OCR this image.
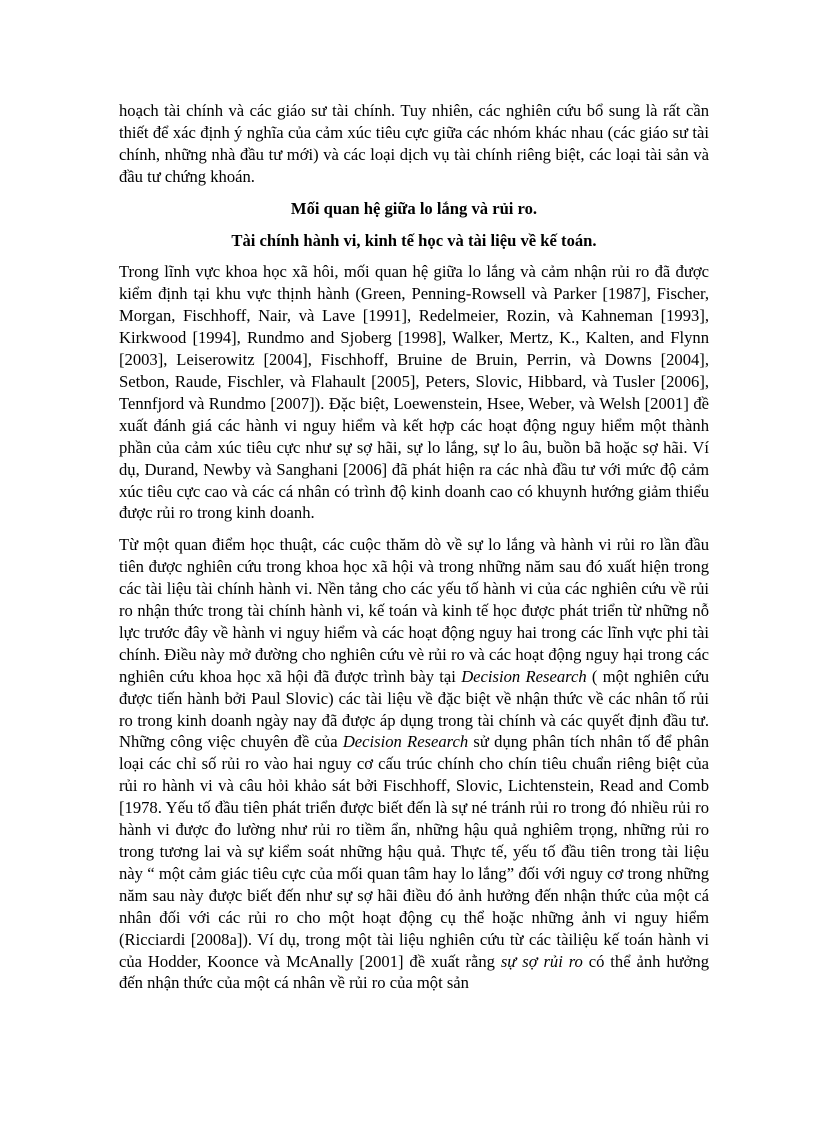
hoạch tài chính và các giáo sư tài chính. Tuy nhiên, các nghiên cứu bổ sung là rất cần thiết để xác định ý nghĩa của cảm xúc tiêu cực giữa các nhóm khác nhau (các giáo sư tài chính, những nhà đầu tư mới) và các loại dịch vụ tài chính riêng biệt, các loại tài sản và đầu tư chứng khoán.

Mối quan hệ giữa lo lắng và rủi ro.
Tài chính hành vi, kinh tế học và tài liệu về kế toán.

Trong lĩnh vực khoa học xã hôi, mối quan hệ giữa lo lắng và cảm nhận rủi ro đã được kiểm định tại khu vực thịnh hành (Green, Penning-Rowsell và Parker [1987], Fischer, Morgan, Fischhoff, Nair, và Lave [1991], Redelmeier, Rozin, và Kahneman [1993], Kirkwood [1994], Rundmo and Sjoberg [1998], Walker, Mertz, K., Kalten, and Flynn [2003], Leiserowitz [2004], Fischhoff, Bruine de Bruin, Perrin, và Downs [2004], Setbon, Raude, Fischler, và Flahault [2005], Peters, Slovic, Hibbard, và Tusler [2006], Tennfjord và Rundmo [2007]). Đặc biệt, Loewenstein, Hsee, Weber, và Welsh [2001] đề xuất đánh giá các hành vi nguy hiểm và kết hợp các hoạt động nguy hiểm một thành phần của cảm xúc tiêu cực như sự sợ hãi, sự lo lắng, sự lo âu, buồn bã hoặc sợ hãi. Ví dụ, Durand, Newby và Sanghani [2006] đã phát hiện ra các nhà đầu tư với mức độ cảm xúc tiêu cực cao và các cá nhân có trình độ kinh doanh cao có khuynh hướng giảm thiểu được rủi ro trong kinh doanh.

Từ một quan điểm học thuật, các cuộc thăm dò về sự lo lắng và hành vi rủi ro lần đầu tiên được nghiên cứu trong khoa học xã hội và trong những năm sau đó xuất hiện trong các tài liệu tài chính hành vi. Nền tảng cho các yếu tố hành vi của các nghiên cứu về rủi ro nhận thức trong tài chính hành vi, kế toán và kinh tế học được phát triển từ những nỗ lực trước đây về hành vi nguy hiểm và các hoạt động nguy hai trong các lĩnh vực phi tài chính. Điều này mở đường cho nghiên cứu vè rủi ro và các hoạt động nguy hại trong các nghiên cứu khoa học xã hội đã được trình bày tại Decision Research ( một nghiên cứu được tiến hành bởi Paul Slovic) các tài liệu về đặc biệt về nhận thức về các nhân tố rủi ro trong kinh doanh ngày nay đã được áp dụng trong tài chính và các quyết định đầu tư. Những công việc chuyên đề của Decision Research sử dụng phân tích nhân tố để phân loại các chỉ số rủi ro vào hai nguy cơ cấu trúc chính cho chín tiêu chuẩn riêng biệt của rủi ro hành vi và câu hỏi khảo sát bởi Fischhoff, Slovic, Lichtenstein, Read and Comb [1978. Yếu tố đầu tiên phát triển được biết đến là sự né tránh rủi ro trong đó nhiều rủi ro hành vi được đo lường như rủi ro tiềm ẩn, những hậu quả nghiêm trọng, những rủi ro trong tương lai và sự kiểm soát những hậu quả. Thực tế, yếu tố đầu tiên trong tài liệu này “ một cảm giác tiêu cực của mối quan tâm hay lo lắng” đối với nguy cơ trong những năm sau này được biết đến như sự sợ hãi điều đó ảnh hưởng đến nhận thức của một cá nhân đối với các rủi ro cho một hoạt động cụ thể hoặc những ảnh vi nguy hiểm (Ricciardi [2008a]). Ví dụ, trong một tài liệu nghiên cứu từ các tàiliệu kế toán hành vi của Hodder, Koonce và McAnally [2001] đề xuất rằng sự sợ rủi ro có thể ảnh hưởng đến nhận thức của một cá nhân về rủi ro của một sản
